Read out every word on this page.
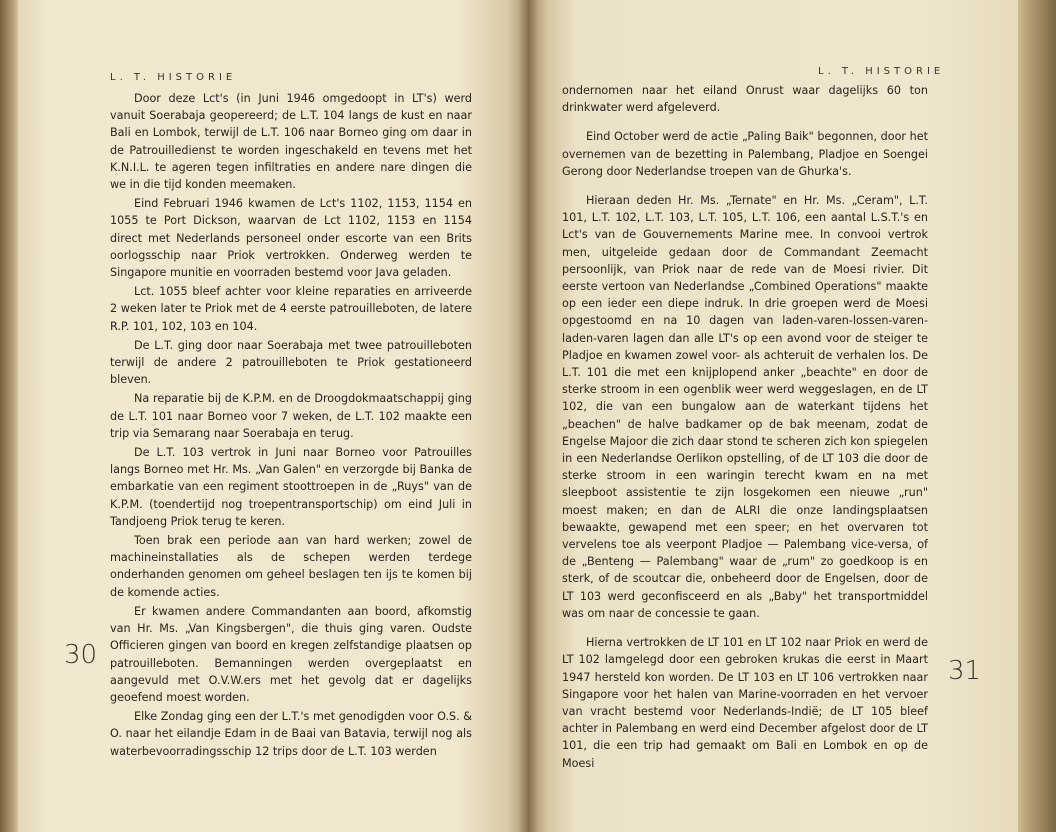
L. T. HISTORIE
L. T. HISTORIE

Door deze Lct's (in Juni 1946 omgedoopt in LT's) werd vanuit Soerabaja geopereerd; de L.T. 104 langs de kust en naar Bali en Lombok, terwijl de L.T. 106 naar Borneo ging om daar in de Patrouilledienst te worden ingeschakeld en tevens met het K.N.I.L. te ageren tegen infiltraties en andere nare dingen die we in die tijd konden meemaken.

Eind Februari 1946 kwamen de Lct's 1102, 1153, 1154 en 1055 te Port Dickson, waarvan de Lct 1102, 1153 en 1154 direct met Nederlands personeel onder escorte van een Brits oorlogsschip naar Priok vertrokken. Onderweg werden te Singapore munitie en voorraden bestemd voor Java geladen.

Lct. 1055 bleef achter voor kleine reparaties en arriveerde 2 weken later te Priok met de 4 eerste patrouilleboten, de latere R.P. 101, 102, 103 en 104.

De L.T. ging door naar Soerabaja met twee patrouilleboten terwijl de andere 2 patrouilleboten te Priok gestationeerd bleven.

Na reparatie bij de K.P.M. en de Droogdokmaatschappij ging de L.T. 101 naar Borneo voor 7 weken, de L.T. 102 maakte een trip via Semarang naar Soerabaja en terug.

De L.T. 103 vertrok in Juni naar Borneo voor Patrouilles langs Borneo met Hr. Ms. „Van Galen" en verzorgde bij Banka de embarkatie van een regiment stoottroepen in de „Ruys" van de K.P.M. (toendertijd nog troepentransportschip) om eind Juli in Tandjoeng Priok terug te keren.

Toen brak een periode aan van hard werken; zowel de machineinstallaties als de schepen werden terdege onderhanden genomen om geheel beslagen ten ijs te komen bij de komende acties.

Er kwamen andere Commandanten aan boord, afkomstig van Hr. Ms. „Van Kingsbergen", die thuis ging varen. Oudste Officieren gingen van boord en kregen zelfstandige plaatsen op patrouilleboten. Bemanningen werden overgeplaatst en aangevuld met O.V.W.ers met het gevolg dat er dagelijks geoefend moest worden.

Elke Zondag ging een der L.T.'s met genodigden voor O.S. & O. naar het eilandje Edam in de Baai van Batavia, terwijl nog als waterbevoorradingsschip 12 trips door de L.T. 103 werden

ondernomen naar het eiland Onrust waar dagelijks 60 ton drinkwater werd afgeleverd.

Eind October werd de actie „Paling Baik" begonnen, door het overnemen van de bezetting in Palembang, Pladjoe en Soengei Gerong door Nederlandse troepen van de Ghurka's.

Hieraan deden Hr. Ms. „Ternate" en Hr. Ms. „Ceram", L.T. 101, L.T. 102, L.T. 103, L.T. 105, L.T. 106, een aantal L.S.T.'s en Lct's van de Gouvernements Marine mee. In convooi vertrok men, uitgeleide gedaan door de Commandant Zeemacht persoonlijk, van Priok naar de rede van de Moesi rivier. Dit eerste vertoon van Nederlandse „Combined Operations" maakte op een ieder een diepe indruk. In drie groepen werd de Moesi opgestoomd en na 10 dagen van laden-varen-lossen-varen-laden-varen lagen dan alle LT's op een avond voor de steiger te Pladjoe en kwamen zowel voor- als achteruit de verhalen los. De L.T. 101 die met een knijplopend anker „beachte" en door de sterke stroom in een ogenblik weer werd weggeslagen, en de LT 102, die van een bungalow aan de waterkant tijdens het „beachen" de halve badkamer op de bak meenam, zodat de Engelse Majoor die zich daar stond te scheren zich kon spiegelen in een Nederlandse Oerlikon opstelling, of de LT 103 die door de sterke stroom in een waringin terecht kwam en na met sleepboot assistentie te zijn losgekomen een nieuwe „run" moest maken; en dan de ALRI die onze landingsplaatsen bewaakte, gewapend met een speer; en het overvaren tot vervelens toe als veerpont Pladjoe — Palembang vice-versa, of de „Benteng — Palembang" waar de „rum" zo goedkoop is en sterk, of de scoutcar die, onbeheerd door de Engelsen, door de LT 103 werd geconfisceerd en als „Baby" het transportmiddel was om naar de concessie te gaan.

Hierna vertrokken de LT 101 en LT 102 naar Priok en werd de LT 102 lamgelegd door een gebroken krukas die eerst in Maart 1947 hersteld kon worden. De LT 103 en LT 106 vertrokken naar Singapore voor het halen van Marine-voorraden en het vervoer van vracht bestemd voor Nederlands-Indië; de LT 105 bleef achter in Palembang en werd eind December afgelost door de LT 101, die een trip had gemaakt om Bali en Lombok en op de Moesi

30
31
